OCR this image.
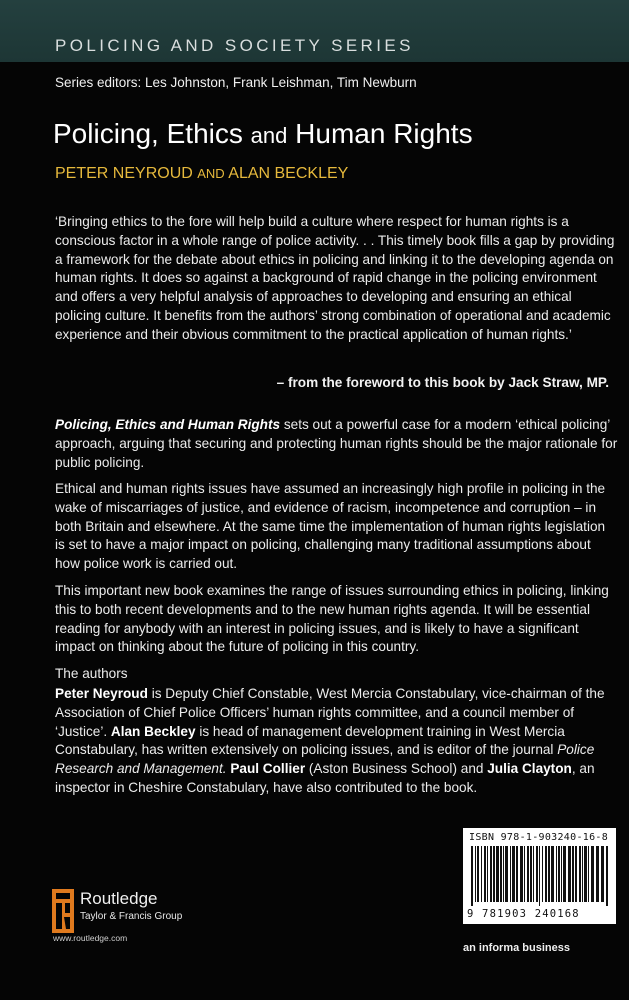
POLICING AND SOCIETY SERIES
Series editors: Les Johnston, Frank Leishman, Tim Newburn
Policing, Ethics and Human Rights
PETER NEYROUD AND ALAN BECKLEY

‘Bringing ethics to the fore will help build a culture where respect for human rights is a conscious factor in a whole range of police activity. . . This timely book fills a gap by providing a framework for the debate about ethics in policing and linking it to the developing agenda on human rights. It does so against a background of rapid change in the policing environment and offers a very helpful analysis of approaches to developing and ensuring an ethical policing culture. It benefits from the authors’ strong combination of operational and academic experience and their obvious commitment to the practical application of human rights.’

– from the foreword to this book by Jack Straw, MP.

Policing, Ethics and Human Rights sets out a powerful case for a modern ‘ethical policing’ approach, arguing that securing and protecting human rights should be the major rationale for public policing.

Ethical and human rights issues have assumed an increasingly high profile in policing in the wake of miscarriages of justice, and evidence of racism, incompetence and corruption – in both Britain and elsewhere. At the same time the implementation of human rights legislation is set to have a major impact on policing, challenging many traditional assumptions about how police work is carried out.

This important new book examines the range of issues surrounding ethics in policing, linking this to both recent developments and to the new human rights agenda. It will be essential reading for anybody with an interest in policing issues, and is likely to have a significant impact on thinking about the future of policing in this country.

The authors

Peter Neyroud is Deputy Chief Constable, West Mercia Constabulary, vice-chairman of the Association of Chief Police Officers’ human rights committee, and a council member of ‘Justice’. Alan Beckley is head of management development training in West Mercia Constabulary, has written extensively on policing issues, and is editor of the journal Police Research and Management. Paul Collier (Aston Business School) and Julia Clayton, an inspector in Cheshire Constabulary, have also contributed to the book.

ISBN 978-1-903240-16-8
9 781903 240168
an informa business
Routledge
Taylor & Francis Group
www.routledge.com
